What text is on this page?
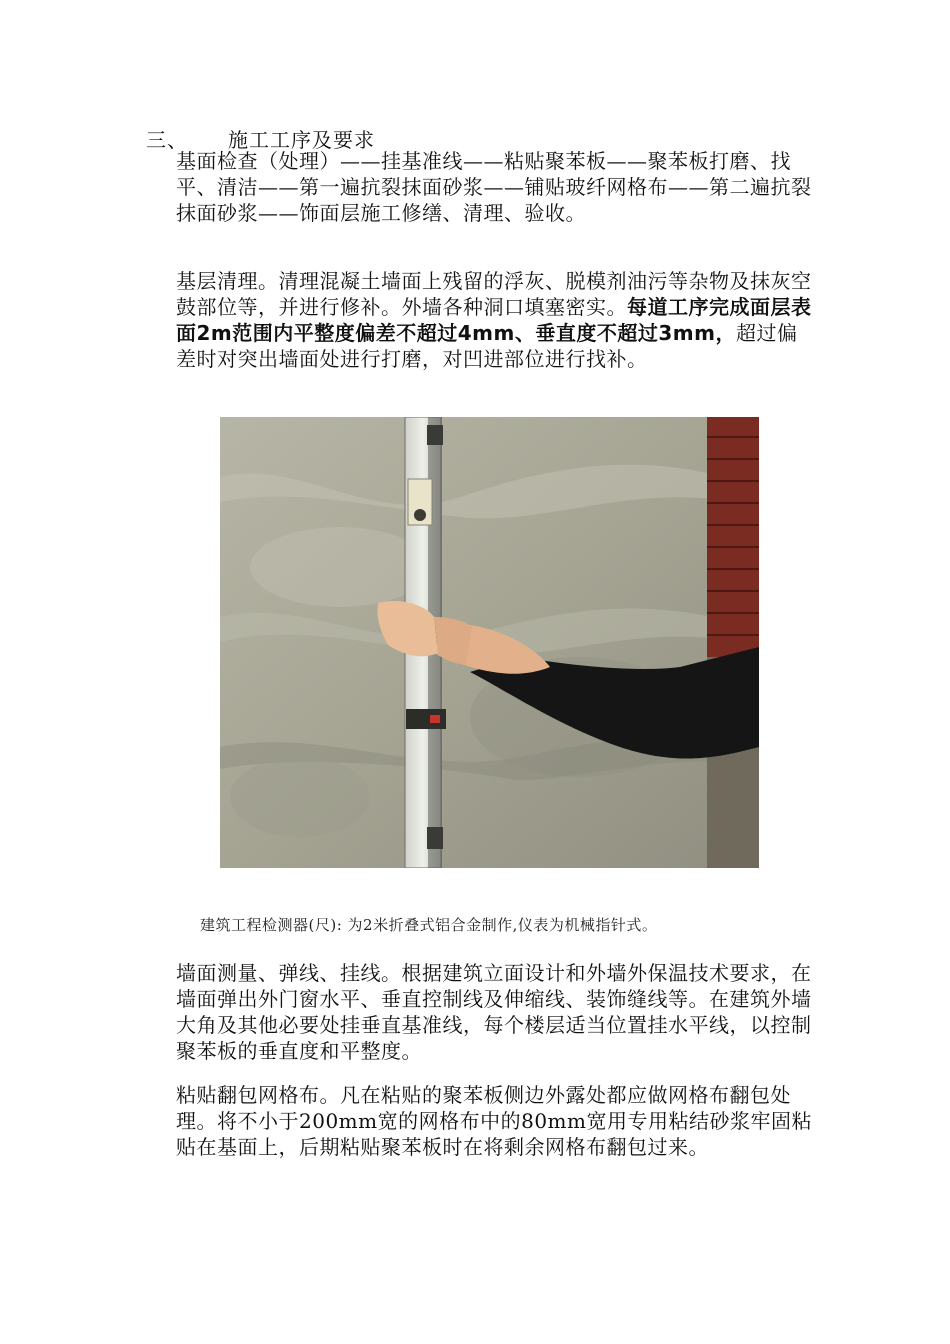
三、 施工工序及要求
基面检查（处理）——挂基准线——粘贴聚苯板——聚苯板打磨、找平、清洁——第一遍抗裂抹面砂浆——铺贴玻纤网格布——第二遍抗裂抹面砂浆——饰面层施工修缮、清理、验收。
基层清理。清理混凝土墙面上残留的浮灰、脱模剂油污等杂物及抹灰空鼓部位等，并进行修补。外墙各种洞口填塞密实。每道工序完成面层表面2m范围内平整度偏差不超过4mm、垂直度不超过3mm，超过偏差时对突出墙面处进行打磨，对凹进部位进行找补。
建筑工程检测器(尺): 为2米折叠式铝合金制作,仪表为机械指针式。
墙面测量、弹线、挂线。根据建筑立面设计和外墙外保温技术要求，在墙面弹出外门窗水平、垂直控制线及伸缩线、装饰缝线等。在建筑外墙大角及其他必要处挂垂直基准线，每个楼层适当位置挂水平线，以控制聚苯板的垂直度和平整度。
粘贴翻包网格布。凡在粘贴的聚苯板侧边外露处都应做网格布翻包处理。将不小于200mm宽的网格布中的80mm宽用专用粘结砂浆牢固粘贴在基面上，后期粘贴聚苯板时在将剩余网格布翻包过来。
